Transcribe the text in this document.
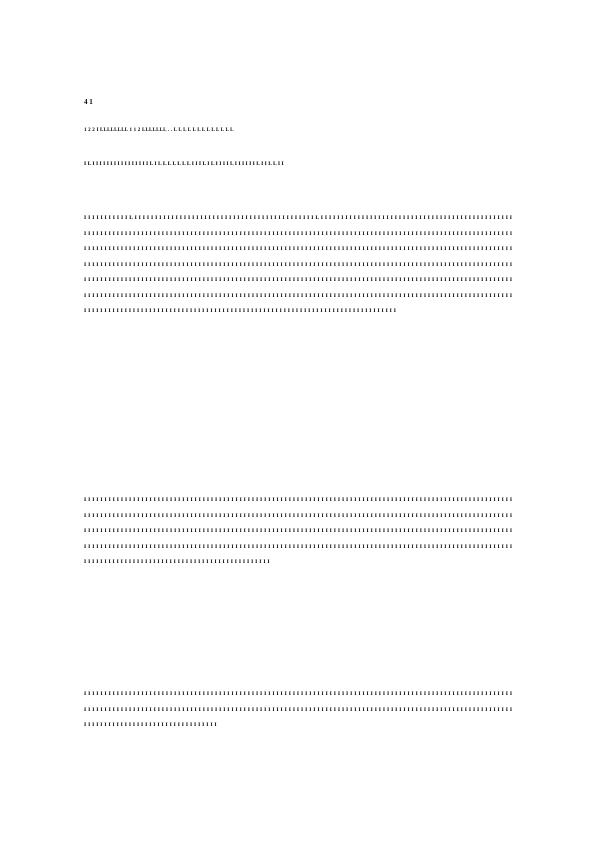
4 1
1 2 2 I LLLLLLLL 1 1 2 LLLLLLL . . L L L L L L L L L L L L L
I L I I I I I I I I I I I I I I I I L I L L L L L L L I I I L I L I I I I L I I I I I I L I I L L I I

I I I I I I I I I I I L I I I I I I I I I I I I I I I I I I I I I I I I I I I I I I I I I I I I I I I I I I I I L I I I I I I I I I I I I I I I I I I I I I I I I I I I I I I I I I I I I I I I I I I I I I I I I I I I I I I I I I I I I I I I I I I I I I I I I I I I I I I I I I I I I I I I I I I I I I I I I I I I I I I I I I I I I I I I I I I I I I I I I I I I I I I I I I I I I I I I I I I I I I I I I I I I I I I I I I I I I I I I I I I I I I I I I I I I I I I I I I I I I I I I I I I I I I I I I I I I I I I I I I I I I I I I I I I I I I I I I I I I I I I I I I I I I I I I I I I I I I I I I I I I I I I I I I I I I I I I I I I I I I I I I I I I I I I I I I I I I I I I I I I I I I I I I I I I I I I I I I I I I I I I I I I I I I I I I I I I I I I I I I I I I I I I I I I I I I I I I I I I I I I I I I I I I I I I I I I I I I I I I I I I I I I I I I I I I I I I I I I I I I I I I I I I I I I I I I I I I I I I I I I I I I I I I I I I I I I I I I I I I I I I I I I I I I I I I I I I I I I I I I I I I I I I I I I I I I I I I I I I I I I I I I I I I I I I I I I I I I I I I I I I I I I I I I I I I I I I I I I I I I I I I I I I I I I I I I I I I I I I I I I I I I I I I I I I I I I I I I I I I I I I I I I I I I I I I I I I I I I I I I I I I I I I I I I I I I I I I I I I I I I I I I I I I I I I I I I I I I I I I I I I I I I I I I I I I I I I I I I I I I I I I I I I I I I I I I I I I I I I I I I I I I I I I I

I I I I I I I I I I I I I I I I I I I I I I I I I I I I I I I I I I I I I I I I I I I I I I I I I I I I I I I I I I I I I I I I I I I I I I I I I I I I I I I I I I I I I I I I I I I I I I I I I I I I I I I I I I I I I I I I I I I I I I I I I I I I I I I I I I I I I I I I I I I I I I I I I I I I I I I I I I I I I I I I I I I I I I I I I I I I I I I I I I I I I I I I I I I I I I I I I I I I I I I I I I I I I I I I I I I I I I I I I I I I I I I I I I I I I I I I I I I I I I I I I I I I I I I I I I I I I I I I I I I I I I I I I I I I I I I I I I I I I I I I I I I I I I I I I I I I I I I I I I I I I I I I I I I I I I I I I I I I I I I I I I I I I I I I I I I I I I I I I I I I I I I I I I I I I I I I I I I I I I I I I I I I I I I I I I I I I I I I I I I I I I I I I I I I I I I I I I I I I I I I I I I I I I I I I I I I I I I I I I I I I I I I I I I I I I I I I I I I I I I I I I I I I I I I I I I I I I I I I I I I I I I I I I

I I I I I I I I I I I I I I I I I I I I I I I I I I I I I I I I I I I I I I I I I I I I I I I I I I I I I I I I I I I I I I I I I I I I I I I I I I I I I I I I I I I I I I I I I I I I I I I I I I I I I I I I I I I I I I I I I I I I I I I I I I I I I I I I I I I I I I I I I I I I I I I I I I I I I I I I I I I I I I I I I I I I I I I I I I I I I I I I I I I I I I I I I I I I I I I I I I I I I I I I I I I I I I I I I I I I I I I I I I I I I I I I I I I I I I I I I I I I I I I I I I I
